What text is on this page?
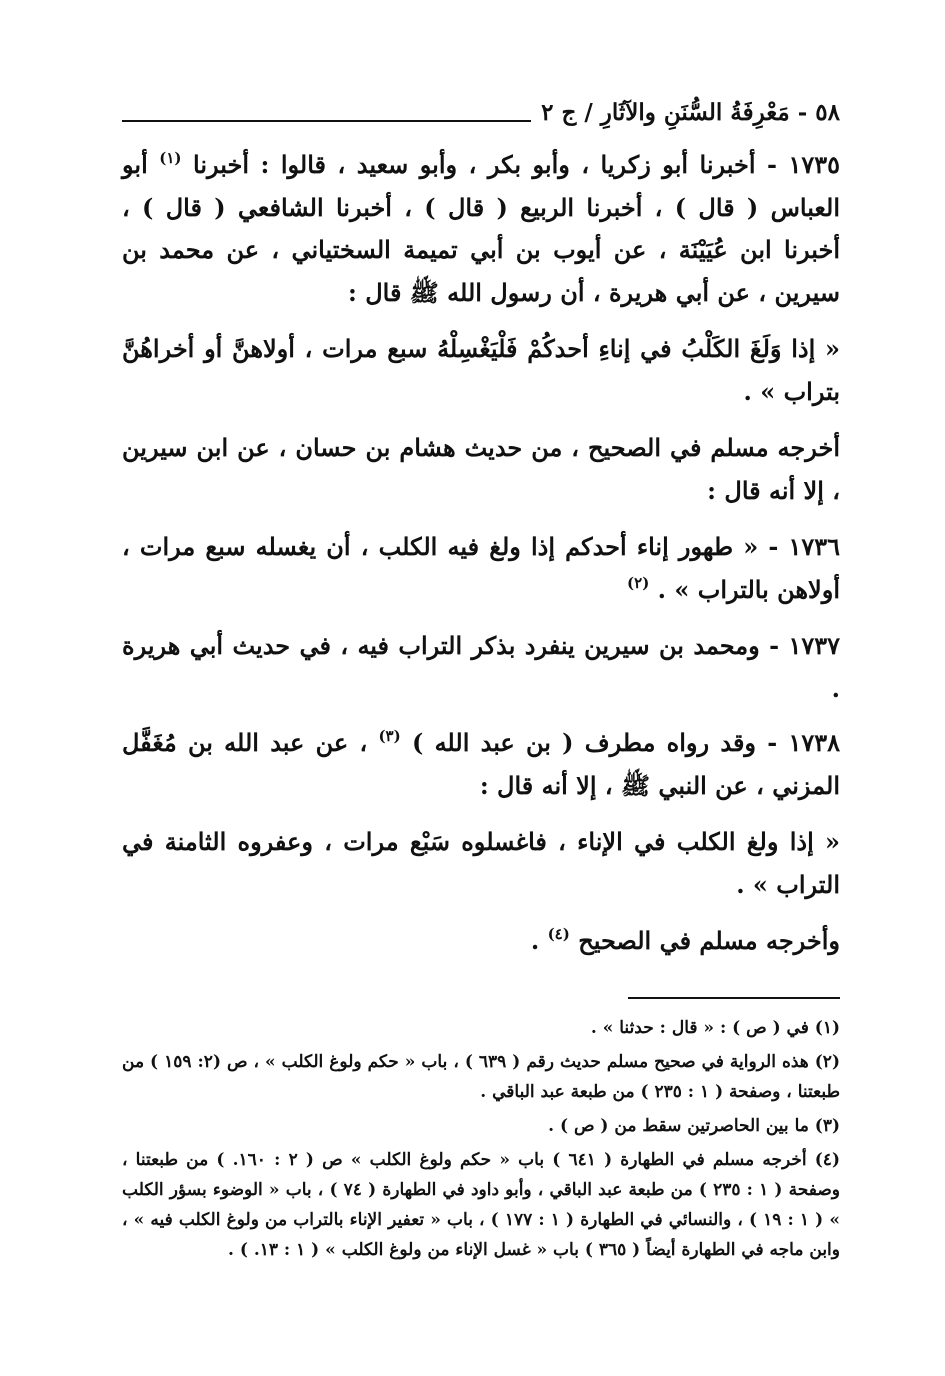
٥٨ - مَعْرِفَةُ السُّنَنِ والآثَارِ / ج ٢

١٧٣٥ - أخبرنا أبو زكريا ، وأبو بكر ، وأبو سعيد ، قالوا : أخبرنا $^{(١)}$ أبو العباس ( قال ) ، أخبرنا الربيع ( قال ) ، أخبرنا الشافعي ( قال ) ، أخبرنا ابن عُيَيْنَة ، عن أيوب بن أبي تميمة السختياني ، عن محمد بن سيرين ، عن أبي هريرة ، أن رسول الله ﷺ قال :

« إذا وَلَغَ الكَلْبُ في إناءِ أحدكُمْ فَلْيَغْسِلْهُ سبع مرات ، أولاهنَّ أو أخراهُنَّ بتراب » .

أخرجه مسلم في الصحيح ، من حديث هشام بن حسان ، عن ابن سيرين ، إلا أنه قال :

١٧٣٦ - « طهور إناء أحدكم إذا ولغ فيه الكلب ، أن يغسله سبع مرات ، أولاهن بالتراب » . $^{(٢)}$

١٧٣٧ - ومحمد بن سيرين ينفرد بذكر التراب فيه ، في حديث أبي هريرة .

١٧٣٨ - وقد رواه مطرف ( بن عبد الله ) $^{(٣)}$ ، عن عبد الله بن مُغَفَّل المزني ، عن النبي ﷺ ، إلا أنه قال :

« إذا ولغ الكلب في الإناء ، فاغسلوه سَبْع مرات ، وعفروه الثامنة في التراب » .

وأخرجه مسلم في الصحيح $^{(٤)}$ .

(١) في ( ص ) : « قال : حدثنا » .

(٢) هذه الرواية في صحيح مسلم حديث رقم ( ٦٣٩ ) ، باب « حكم ولوغ الكلب » ، ص (٢: ١٥٩ ) من طبعتنا ، وصفحة ( ١ : ٢٣٥ ) من طبعة عبد الباقي .

(٣) ما بين الحاصرتين سقط من ( ص ) .

(٤) أخرجه مسلم في الطهارة ( ٦٤١ ) باب « حكم ولوغ الكلب » ص ( ٢ : ١٦٠. ) من طبعتنا ، وصفحة ( ١ : ٢٣٥ ) من طبعة عبد الباقي ، وأبو داود في الطهارة ( ٧٤ ) ، باب « الوضوء بسؤر الكلب » ( ١ : ١٩ ) ، والنسائي في الطهارة ( ١ : ١٧٧ ) ، باب « تعفير الإناء بالتراب من ولوغ الكلب فيه » ، وابن ماجه في الطهارة أيضاً ( ٣٦٥ ) باب « غسل الإناء من ولوغ الكلب » ( ١ : ١٣. ) .
